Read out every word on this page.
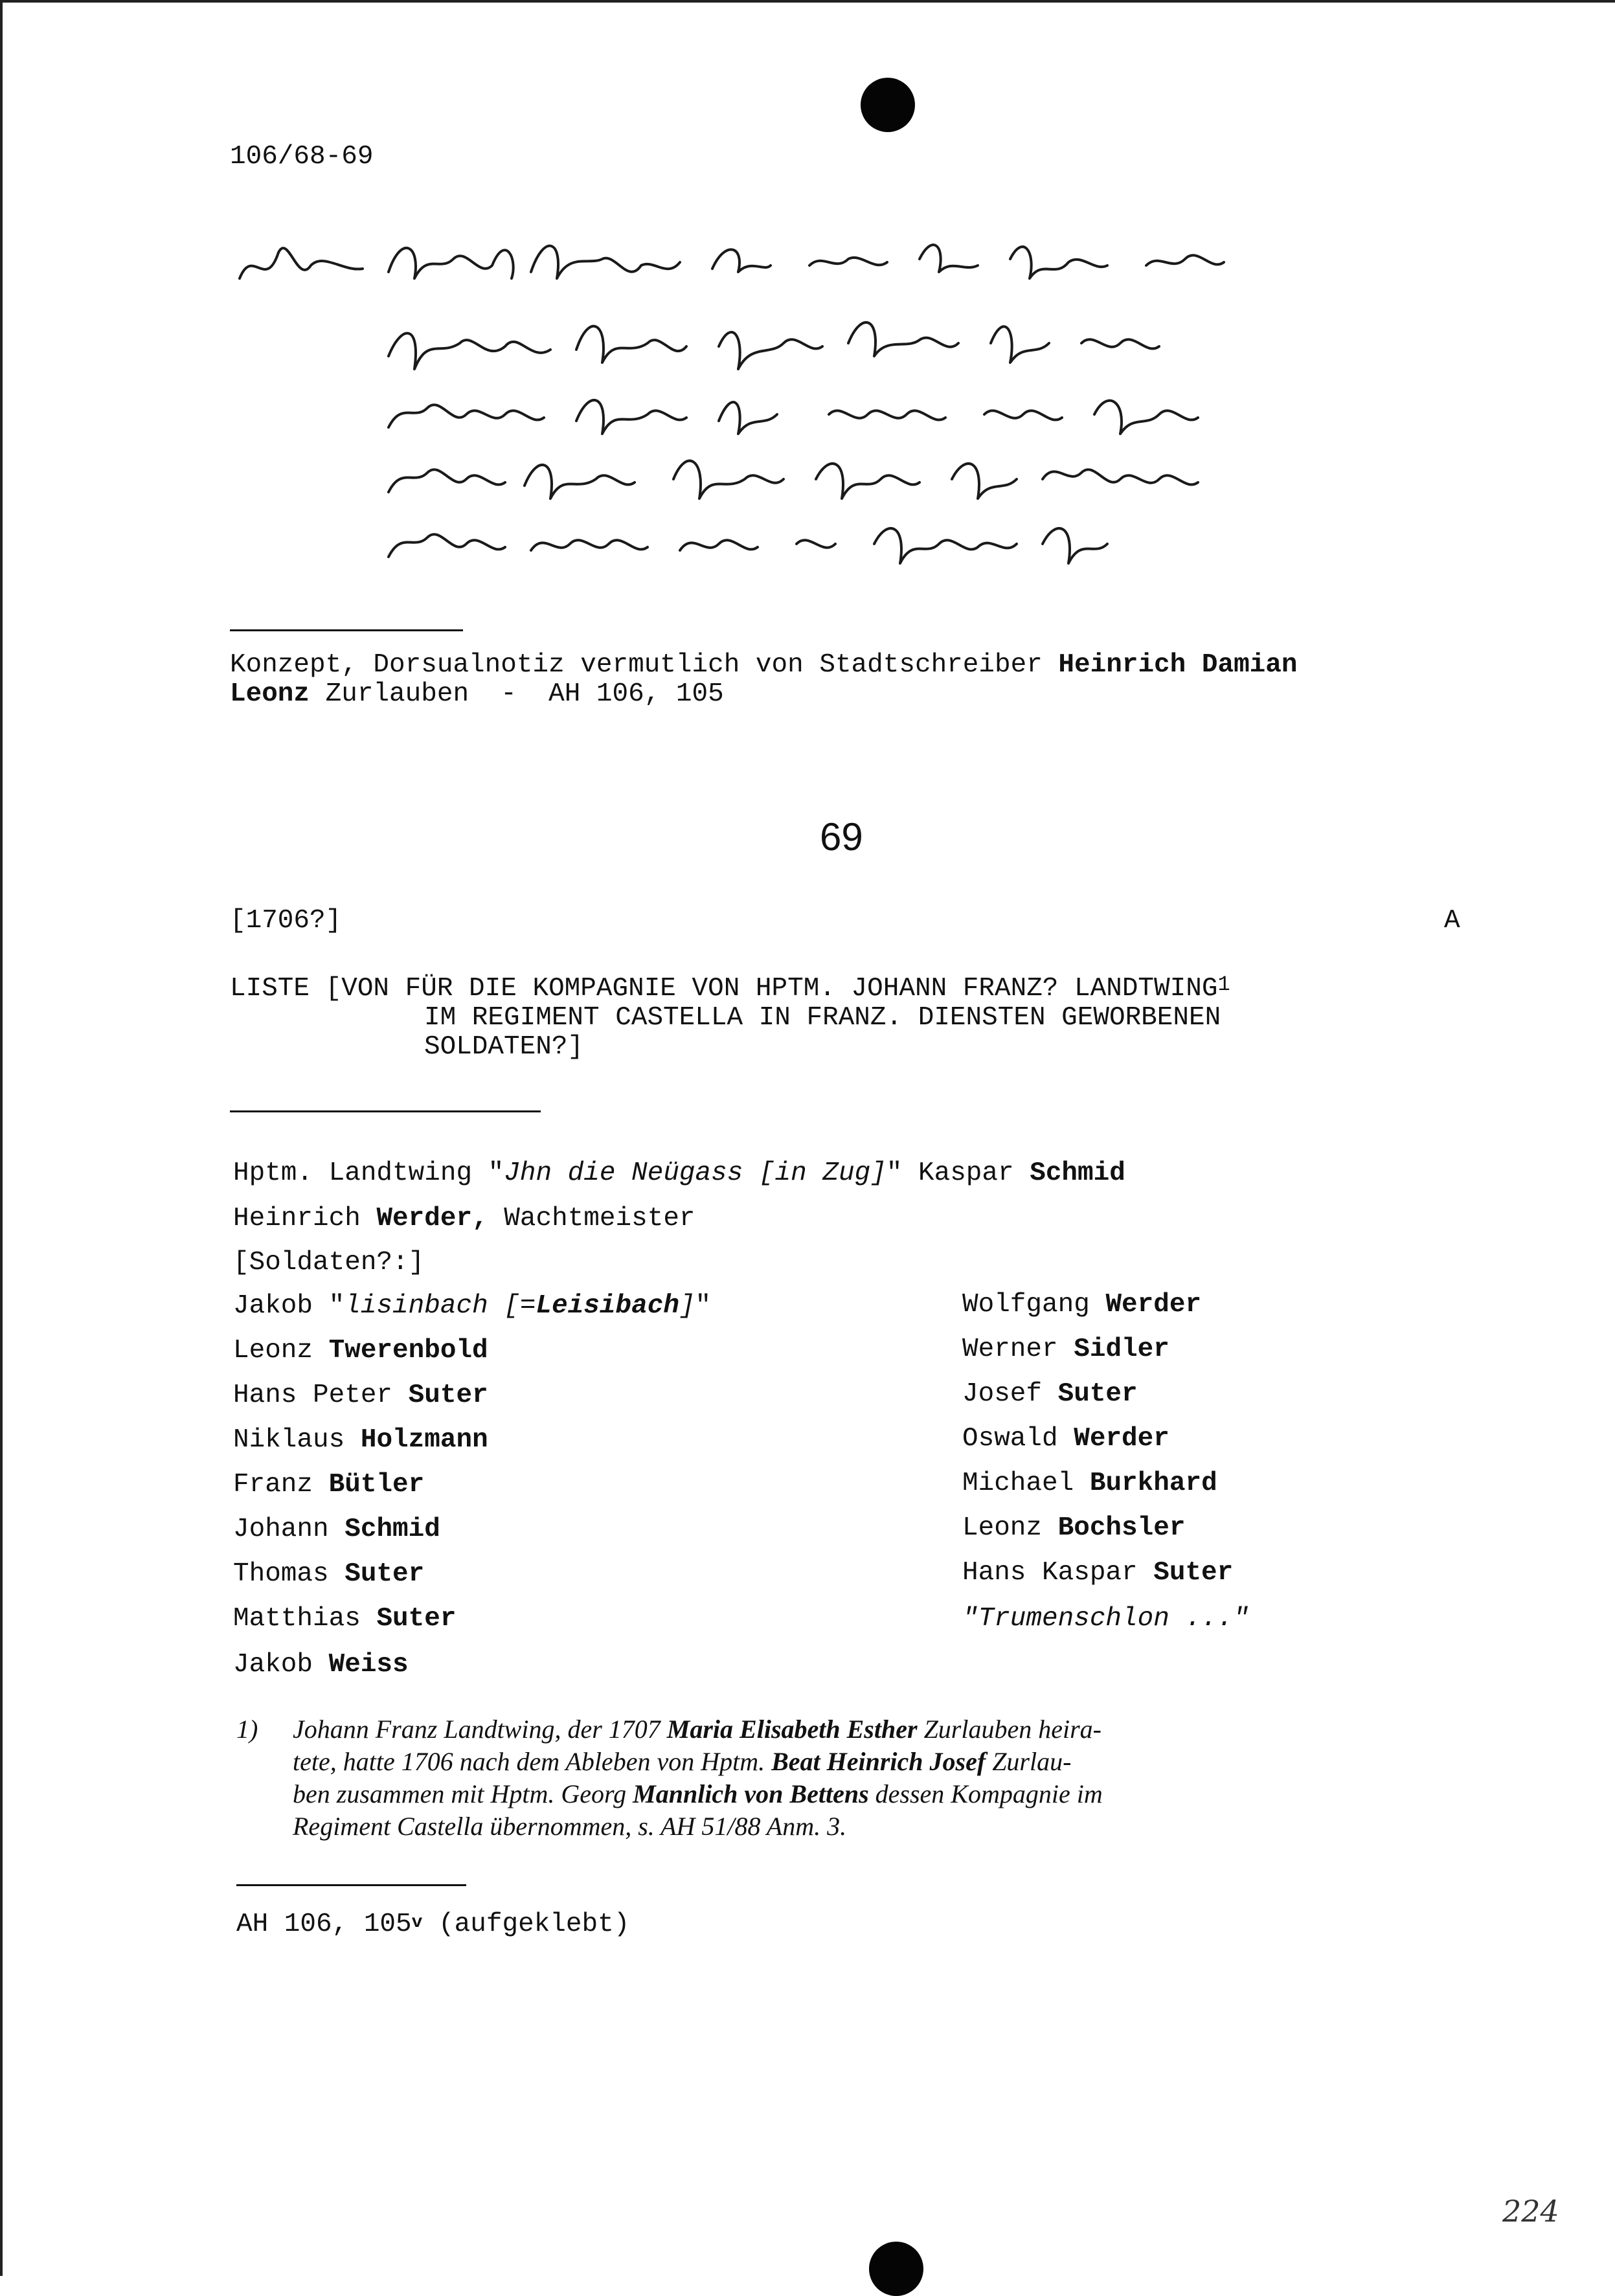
106/68-69
Konzept, Dorsualnotiz vermutlich von Stadtschreiber Heinrich Damian
Leonz Zurlauben  -  AH 106, 105
69
[1706?]	A
LISTE [VON FÜR DIE KOMPAGNIE VON HPTM. JOHANN FRANZ? LANDTWING$^1$
IM REGIMENT CASTELLA IN FRANZ. DIENSTEN GEWORBENEN
SOLDATEN?]
Hptm. Landtwing "Jhn die Neügass [in Zug]" Kaspar Schmid
Heinrich Werder, Wachtmeister
[Soldaten?:]
Jakob "lisinbach [=Leisibach]"
Leonz Twerenbold
Hans Peter Suter
Niklaus Holzmann
Franz Bütler
Johann Schmid
Thomas Suter
Matthias Suter
Jakob Weiss
Wolfgang Werder
Werner Sidler
Josef Suter
Oswald Werder
Michael Burkhard
Leonz Bochsler
Hans Kaspar Suter
"Trumenschlon ..."
1) Johann Franz Landtwing, der 1707 Maria Elisabeth Esther Zurlauben heira-
tete, hatte 1706 nach dem Ableben von Hptm. Beat Heinrich Josef Zurlau-
ben zusammen mit Hptm. Georg Mannlich von Bettens dessen Kompagnie im
Regiment Castella übernommen, s. AH 51/88 Anm. 3.
AH 106, 105$^v$ (aufgeklebt)
224
